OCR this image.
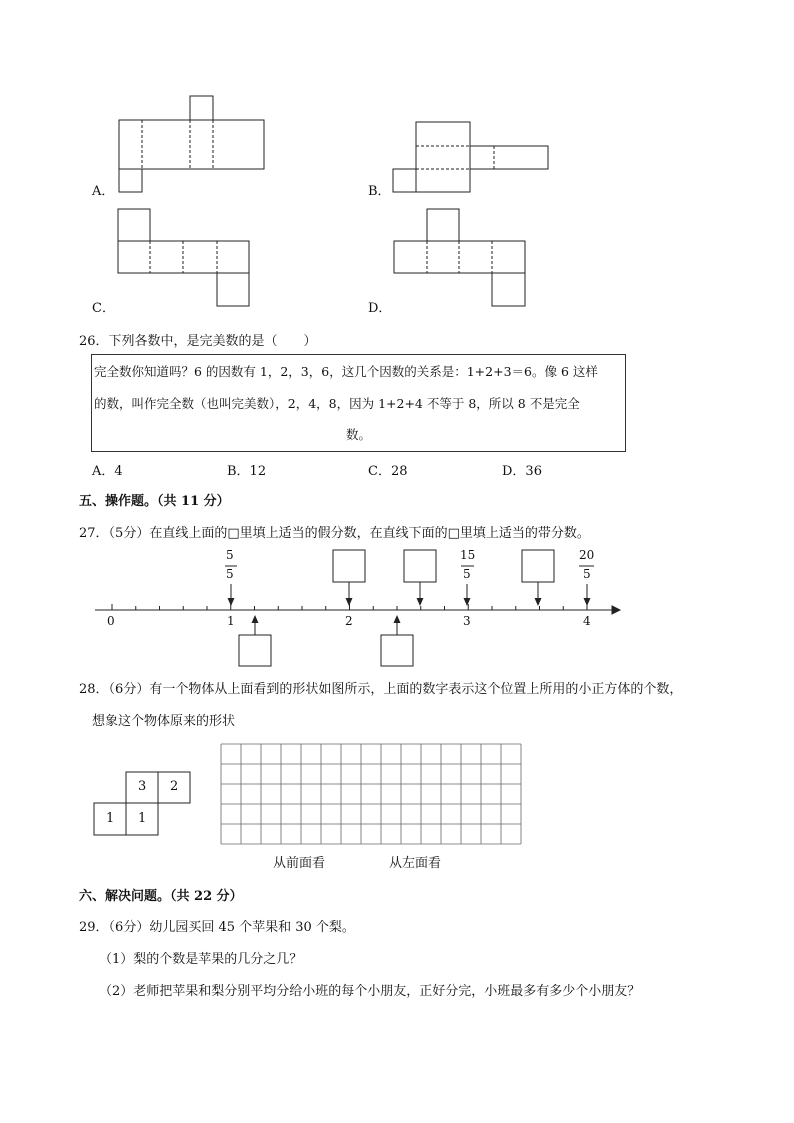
A．	B．
C．	D．
26．下列各数中，是完美数的是（　　）
完全数你知道吗？6 的因数有 1，2，3，6，这几个因数的关系是：1+2+3＝6。像 6 这样
的数，叫作完全数（也叫完美数），2，4，8，因为 1+2+4 不等于 8，所以 8 不是完全
数。
A．4	B．12	C．28	D．36
五、操作题。（共 11 分）
27．（5分）在直线上面的□里填上适当的假分数，在直线下面的□里填上适当的带分数。
5
5
15
5
20
5
0	1	2	3	4
28．（6分）有一个物体从上面看到的形状如图所示，上面的数字表示这个位置上所用的小正方体的个数，
想象这个物体原来的形状
3 2
1 1
从前面看	从左面看
六、解决问题。（共 22 分）
29．（6分）幼儿园买回 45 个苹果和 30 个梨。
（1）梨的个数是苹果的几分之几？
（2）老师把苹果和梨分别平均分给小班的每个小朋友，正好分完，小班最多有多少个小朋友？
